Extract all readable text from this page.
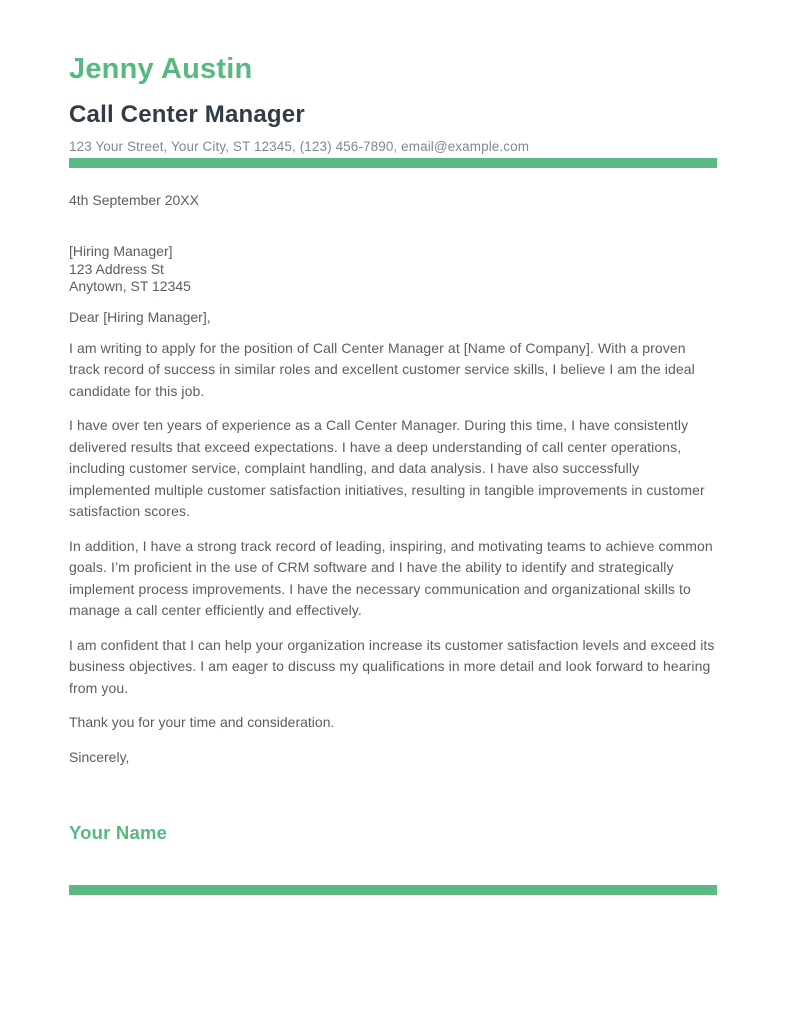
Jenny Austin
Call Center Manager
123 Your Street, Your City, ST 12345, (123) 456-7890, email@example.com

4th September 20XX

[Hiring Manager]
123 Address St
Anytown, ST 12345

Dear [Hiring Manager],

I am writing to apply for the position of Call Center Manager at [Name of Company]. With a proven track record of success in similar roles and excellent customer service skills, I believe I am the ideal candidate for this job.

I have over ten years of experience as a Call Center Manager. During this time, I have consistently delivered results that exceed expectations. I have a deep understanding of call center operations, including customer service, complaint handling, and data analysis. I have also successfully implemented multiple customer satisfaction initiatives, resulting in tangible improvements in customer satisfaction scores.

In addition, I have a strong track record of leading, inspiring, and motivating teams to achieve common goals. I’m proficient in the use of CRM software and I have the ability to identify and strategically implement process improvements. I have the necessary communication and organizational skills to manage a call center efficiently and effectively.

I am confident that I can help your organization increase its customer satisfaction levels and exceed its business objectives. I am eager to discuss my qualifications in more detail and look forward to hearing from you.

Thank you for your time and consideration.

Sincerely,

Your Name
